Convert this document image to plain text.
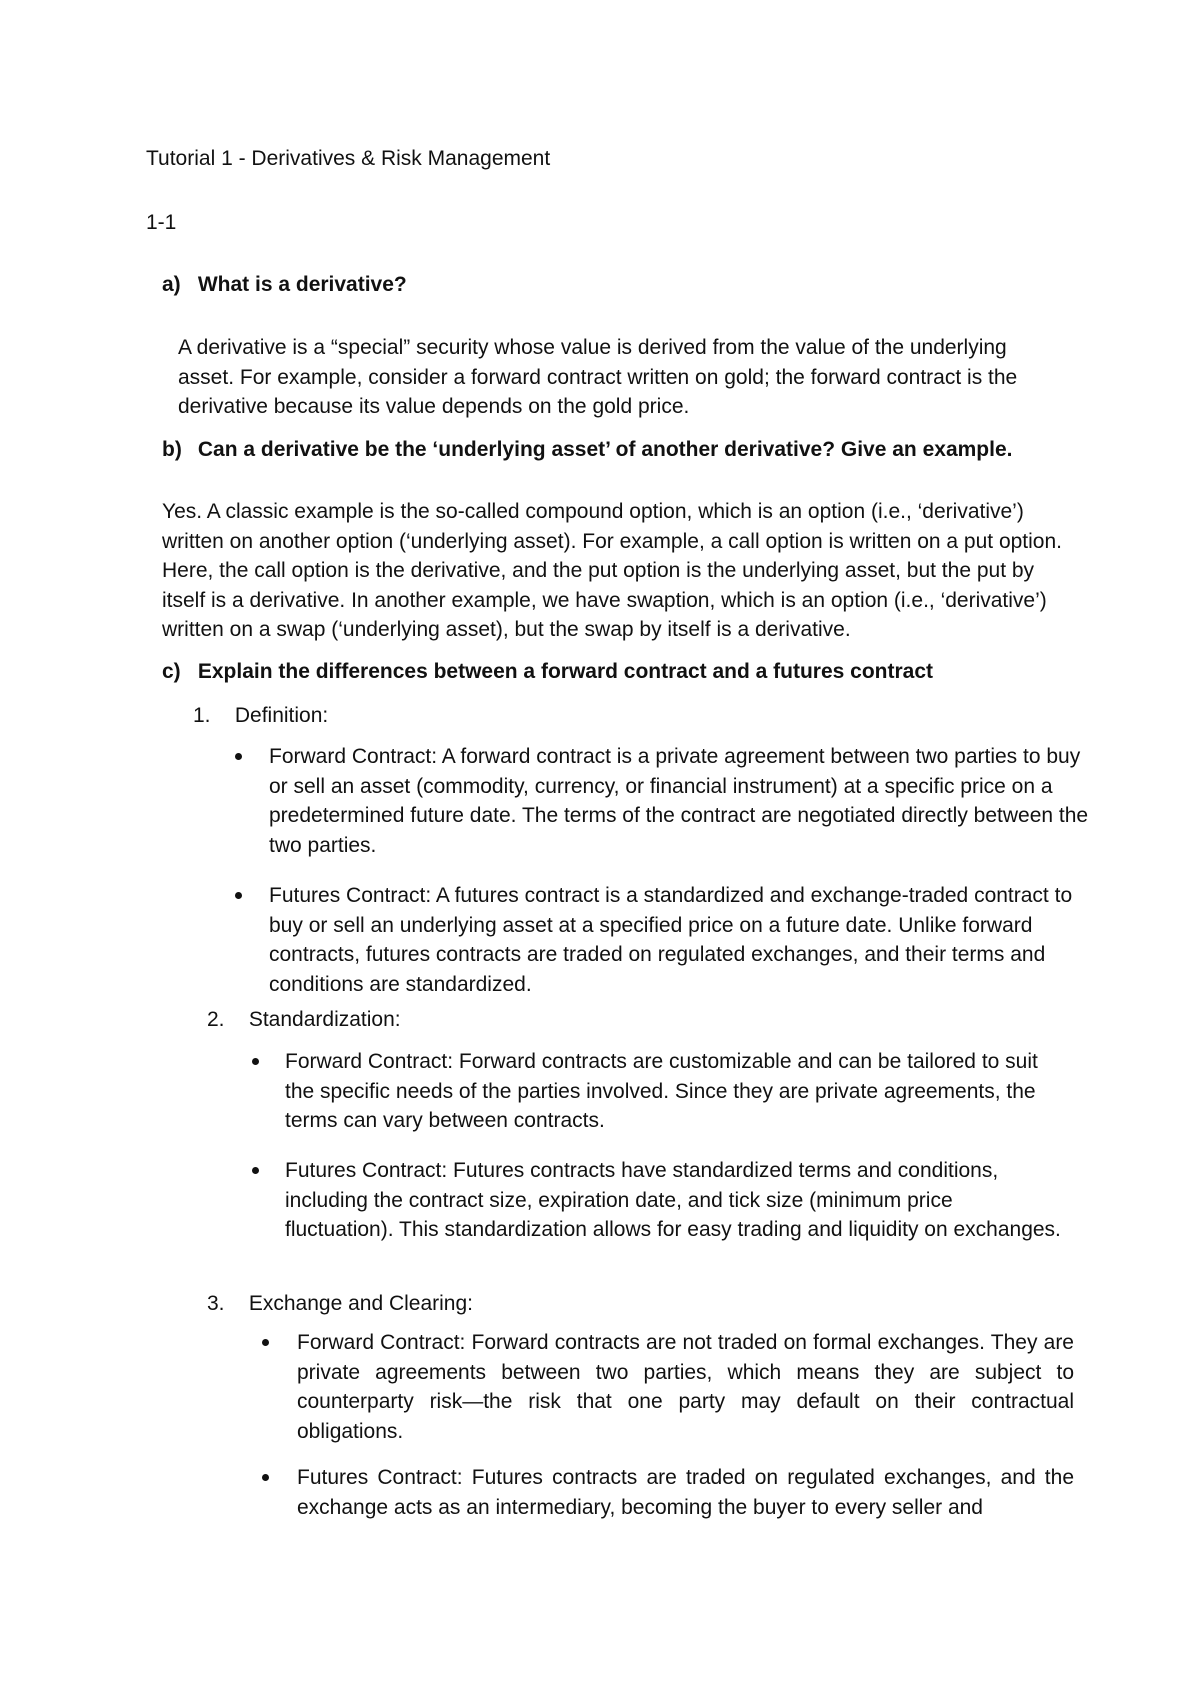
Tutorial 1 - Derivatives & Risk Management

1-1

a) What is a derivative?

A derivative is a “special” security whose value is derived from the value of the underlying asset. For example, consider a forward contract written on gold; the forward contract is the derivative because its value depends on the gold price.

b) Can a derivative be the ‘underlying asset’ of another derivative? Give an example.

Yes. A classic example is the so-called compound option, which is an option (i.e., ‘derivative’) written on another option (‘underlying asset). For example, a call option is written on a put option. Here, the call option is the derivative, and the put option is the underlying asset, but the put by itself is a derivative. In another example, we have swaption, which is an option (i.e., ‘derivative’) written on a swap (‘underlying asset), but the swap by itself is a derivative.

c) Explain the differences between a forward contract and a futures contract

1. Definition:

Forward Contract: A forward contract is a private agreement between two parties to buy or sell an asset (commodity, currency, or financial instrument) at a specific price on a predetermined future date. The terms of the contract are negotiated directly between the two parties.

Futures Contract: A futures contract is a standardized and exchange-traded contract to buy or sell an underlying asset at a specified price on a future date. Unlike forward contracts, futures contracts are traded on regulated exchanges, and their terms and conditions are standardized.

2. Standardization:

Forward Contract: Forward contracts are customizable and can be tailored to suit the specific needs of the parties involved. Since they are private agreements, the terms can vary between contracts.

Futures Contract: Futures contracts have standardized terms and conditions, including the contract size, expiration date, and tick size (minimum price fluctuation). This standardization allows for easy trading and liquidity on exchanges.

3. Exchange and Clearing:

Forward Contract: Forward contracts are not traded on formal exchanges. They are private agreements between two parties, which means they are subject to counterparty risk—the risk that one party may default on their contractual obligations.

Futures Contract: Futures contracts are traded on regulated exchanges, and the exchange acts as an intermediary, becoming the buyer to every seller and
